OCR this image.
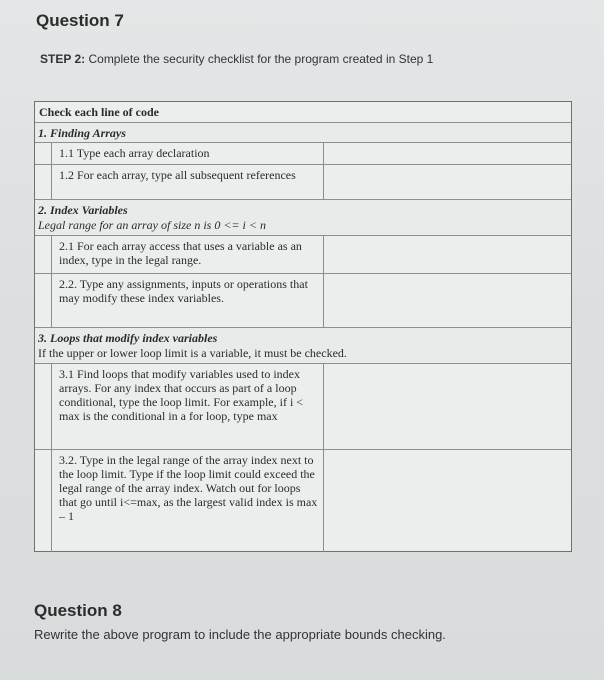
Question 7
STEP 2: Complete the security checklist for the program created in Step 1
Check each line of code
1. Finding Arrays
1.1 Type each array declaration
1.2 For each array, type all subsequent references
2. Index Variables
Legal range for an array of size n is 0 <= i < n
2.1 For each array access that uses a variable as an index, type in the legal range.
2.2. Type any assignments, inputs or operations that may modify these index variables.
3. Loops that modify index variables
If the upper or lower loop limit is a variable, it must be checked.
3.1 Find loops that modify variables used to index arrays. For any index that occurs as part of a loop conditional, type the loop limit. For example, if i < max is the conditional in a for loop, type max
3.2. Type in the legal range of the array index next to the loop limit. Type if the loop limit could exceed the legal range of the array index. Watch out for loops that go until i<=max, as the largest valid index is max – 1
Question 8
Rewrite the above program to include the appropriate bounds checking.
